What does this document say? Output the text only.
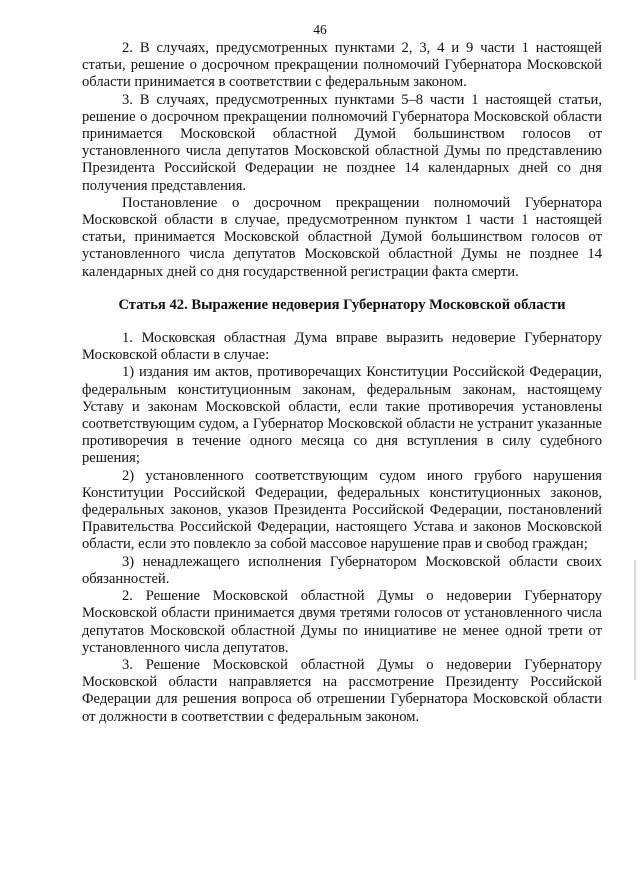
46

2. В случаях, предусмотренных пунктами 2, 3, 4 и 9 части 1 настоящей статьи, решение о досрочном прекращении полномочий Губернатора Московской области принимается в соответствии с федеральным законом.

3. В случаях, предусмотренных пунктами 5–8 части 1 настоящей статьи, решение о досрочном прекращении полномочий Губернатора Московской области принимается Московской областной Думой большинством голосов от установленного числа депутатов Московской областной Думы по представлению Президента Российской Федерации не позднее 14 календарных дней со дня получения представления.

Постановление о досрочном прекращении полномочий Губернатора Московской области в случае, предусмотренном пунктом 1 части 1 настоящей статьи, принимается Московской областной Думой большинством голосов от установленного числа депутатов Московской областной Думы не позднее 14 календарных дней со дня государственной регистрации факта смерти.

Статья 42. Выражение недоверия Губернатору Московской области

1. Московская областная Дума вправе выразить недоверие Губернатору Московской области в случае:

1) издания им актов, противоречащих Конституции Российской Федерации, федеральным конституционным законам, федеральным законам, настоящему Уставу и законам Московской области, если такие противоречия установлены соответствующим судом, а Губернатор Московской области не устранит указанные противоречия в течение одного месяца со дня вступления в силу судебного решения;

2) установленного соответствующим судом иного грубого нарушения Конституции Российской Федерации, федеральных конституционных законов, федеральных законов, указов Президента Российской Федерации, постановлений Правительства Российской Федерации, настоящего Устава и законов Московской области, если это повлекло за собой массовое нарушение прав и свобод граждан;

3) ненадлежащего исполнения Губернатором Московской области своих обязанностей.

2. Решение Московской областной Думы о недоверии Губернатору Московской области принимается двумя третями голосов от установленного числа депутатов Московской областной Думы по инициативе не менее одной трети от установленного числа депутатов.

3. Решение Московской областной Думы о недоверии Губернатору Московской области направляется на рассмотрение Президенту Российской Федерации для решения вопроса об отрешении Губернатора Московской области от должности в соответствии с федеральным законом.
